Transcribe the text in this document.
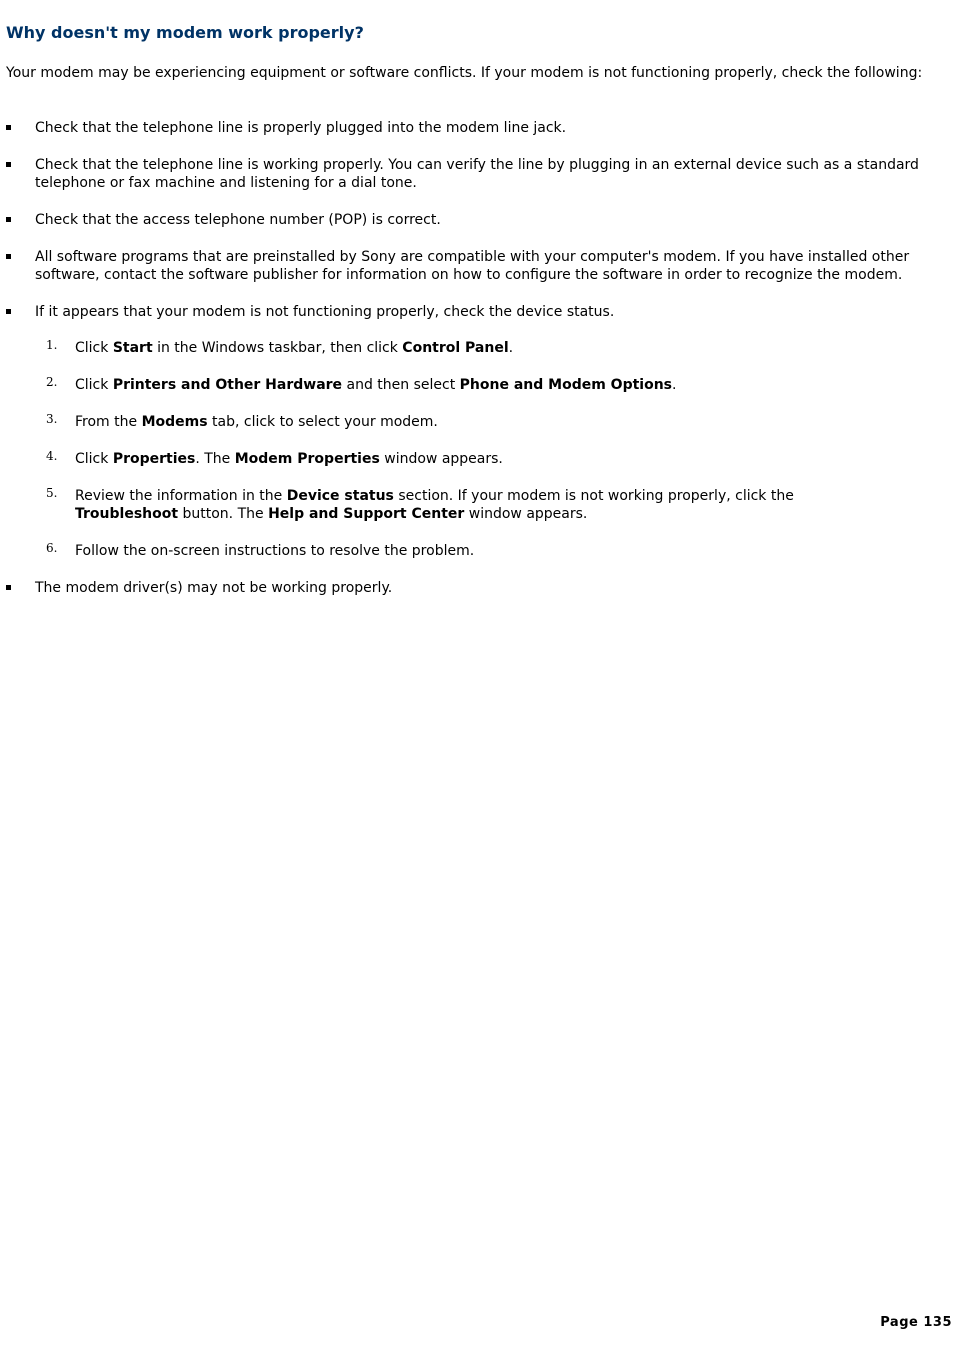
Why doesn't my modem work properly?

Your modem may be experiencing equipment or software conflicts. If your modem is not functioning properly, check the following:

Check that the telephone line is properly plugged into the modem line jack.
Check that the telephone line is working properly. You can verify the line by plugging in an external device such as a standard telephone or fax machine and listening for a dial tone.
Check that the access telephone number (POP) is correct.
All software programs that are preinstalled by Sony are compatible with your computer's modem. If you have installed other software, contact the software publisher for information on how to configure the software in order to recognize the modem.
If it appears that your modem is not functioning properly, check the device status.
1. Click Start in the Windows taskbar, then click Control Panel.
2. Click Printers and Other Hardware and then select Phone and Modem Options.
3. From the Modems tab, click to select your modem.
4. Click Properties. The Modem Properties window appears.
5. Review the information in the Device status section. If your modem is not working properly, click the Troubleshoot button. The Help and Support Center window appears.
6. Follow the on-screen instructions to resolve the problem.
The modem driver(s) may not be working properly.
Page 135
